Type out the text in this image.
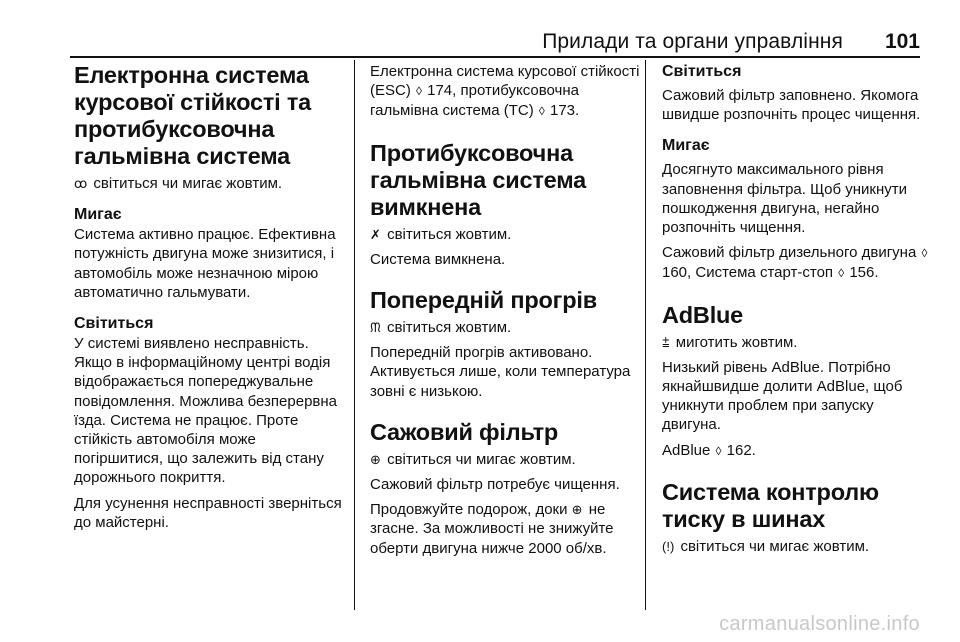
Прилади та органи управління 101
Електронна система курсової стійкості та протибуксовочна гальмівна система

ꝏ світиться чи мигає жовтим.

Мигає

Система активно працює. Ефективна потужність двигуна може знизитися, і автомобіль може незначною мірою автоматично гальмувати.

Світиться

У системі виявлено несправність. Якщо в інформаційному центрі водія відображається попереджувальне повідомлення. Можлива безперервна їзда. Система не працює. Проте стійкість автомобіля може погіршитися, що залежить від стану дорожнього покриття.

Для усунення несправності зверніться до майстерні.

Електронна система курсової стійкості (ESC) ◊ 174, протибуксовочна гальмівна система (TC) ◊ 173.

Протибуксовочна гальмівна система вимкнена

✗ світиться жовтим.

Система вимкнена.

Попередній прогрів

ᙏ світиться жовтим.

Попередній прогрів активовано. Активується лише, коли температура зовні є низькою.

Сажовий фільтр

⊕ світиться чи мигає жовтим.

Сажовий фільтр потребує чищення.

Продовжуйте подорож, доки ⊕ не згасне. За можливості не знижуйте оберти двигуна нижче 2000 об/хв.

Світиться

Сажовий фільтр заповнено. Якомога швидше розпочніть процес чищення.

Мигає

Досягнуто максимального рівня заповнення фільтра. Щоб уникнути пошкодження двигуна, негайно розпочніть чищення.

Сажовий фільтр дизельного двигуна ◊ 160, Система старт-стоп ◊ 156.

AdBlue

⩲ миготить жовтим.

Низький рівень AdBlue. Потрібно якнайшвидше долити AdBlue, щоб уникнути проблем при запуску двигуна.

AdBlue ◊ 162.

Система контролю тиску в шинах

(!) світиться чи мигає жовтим.

carmanualsonline.info
